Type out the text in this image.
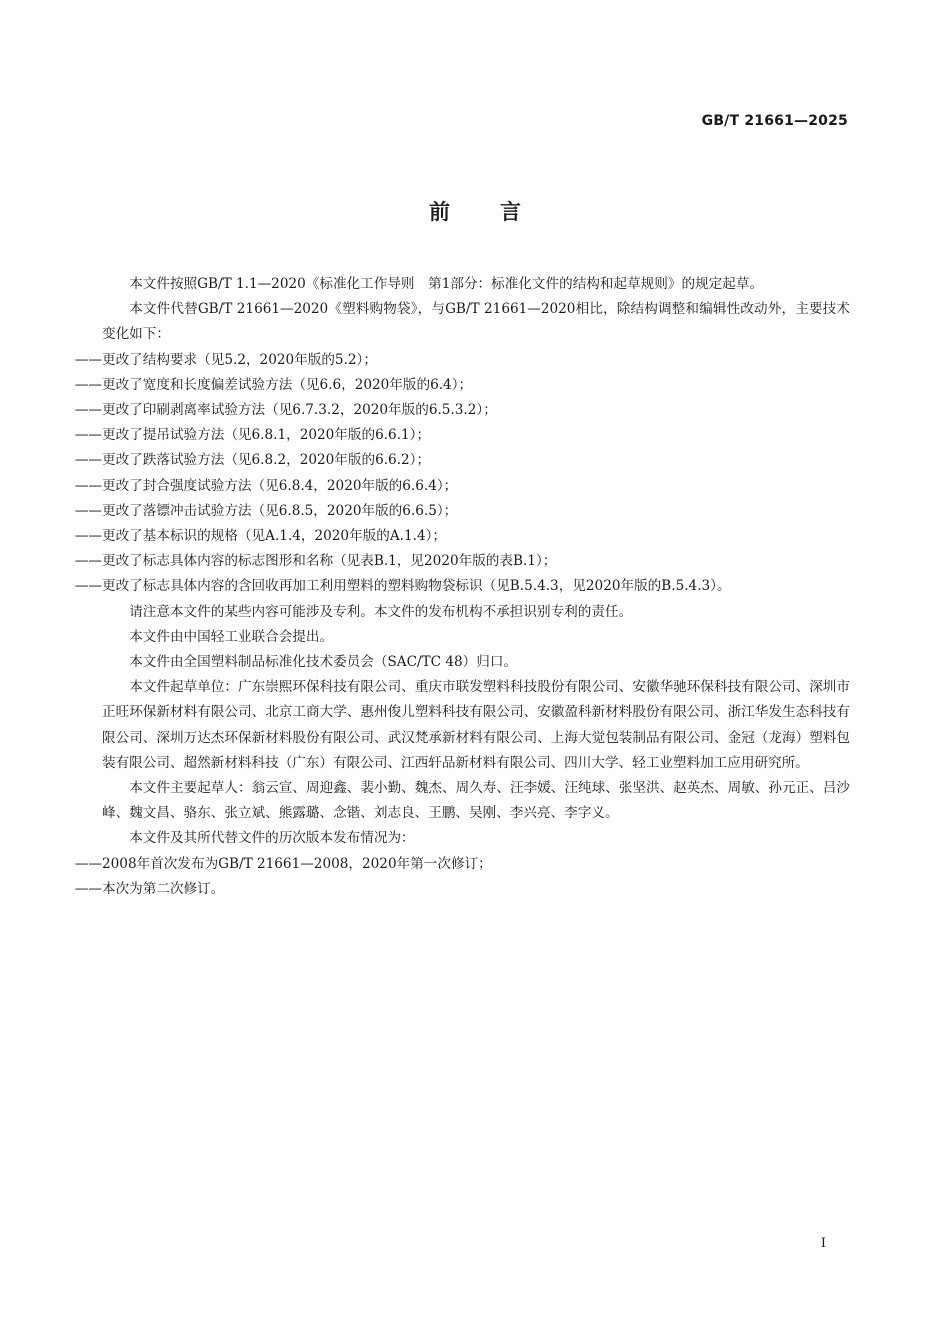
GB/T 21661—2025
前言

本文件按照GB/T 1.1—2020《标准化工作导则　第1部分：标准化文件的结构和起草规则》的规定起草。

本文件代替GB/T 21661—2020《塑料购物袋》，与GB/T 21661—2020相比，除结构调整和编辑性改动外，主要技术变化如下：

——更改了结构要求（见5.2，2020年版的5.2）；

——更改了宽度和长度偏差试验方法（见6.6，2020年版的6.4）；

——更改了印刷剥离率试验方法（见6.7.3.2，2020年版的6.5.3.2）；

——更改了提吊试验方法（见6.8.1，2020年版的6.6.1）；

——更改了跌落试验方法（见6.8.2，2020年版的6.6.2）；

——更改了封合强度试验方法（见6.8.4，2020年版的6.6.4）；

——更改了落镖冲击试验方法（见6.8.5，2020年版的6.6.5）；

——更改了基本标识的规格（见A.1.4，2020年版的A.1.4）；

——更改了标志具体内容的标志图形和名称（见表B.1，见2020年版的表B.1）；

——更改了标志具体内容的含回收再加工利用塑料的塑料购物袋标识（见B.5.4.3，见2020年版的B.5.4.3）。

请注意本文件的某些内容可能涉及专利。本文件的发布机构不承担识别专利的责任。

本文件由中国轻工业联合会提出。

本文件由全国塑料制品标准化技术委员会（SAC/TC 48）归口。

本文件起草单位：广东崇熙环保科技有限公司、重庆市联发塑料科技股份有限公司、安徽华驰环保科技有限公司、深圳市正旺环保新材料有限公司、北京工商大学、惠州俊儿塑料科技有限公司、安徽盈科新材料股份有限公司、浙江华发生态科技有限公司、深圳万达杰环保新材料股份有限公司、武汉梵承新材料有限公司、上海大觉包装制品有限公司、金冠（龙海）塑料包装有限公司、超然新材料科技（广东）有限公司、江西轩品新材料有限公司、四川大学、轻工业塑料加工应用研究所。

本文件主要起草人：翁云宣、周迎鑫、裴小勤、魏杰、周久寿、汪李媛、汪纯球、张坚洪、赵英杰、周敏、孙元正、吕沙峰、魏文昌、骆东、张立斌、熊露璐、念锴、刘志良、王鹏、吴刚、李兴亮、李字义。

本文件及其所代替文件的历次版本发布情况为：

——2008年首次发布为GB/T 21661—2008，2020年第一次修订；

——本次为第二次修订。

I
